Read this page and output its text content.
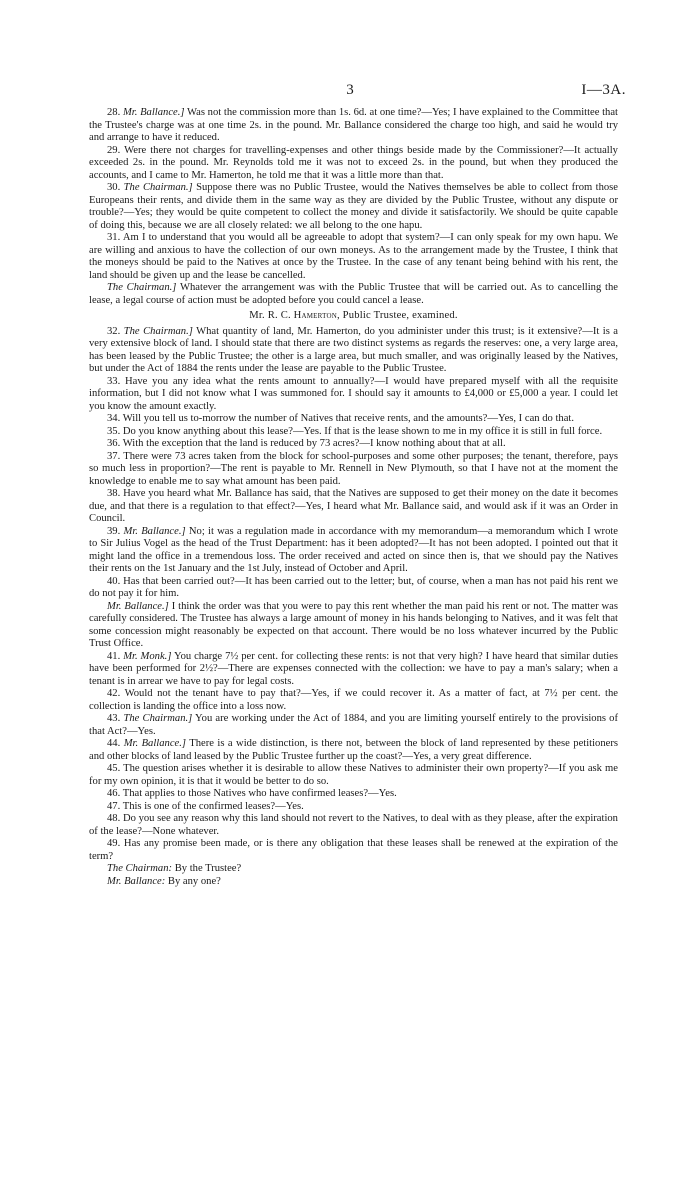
3	I—3A.

28. Mr. Ballance.] Was not the commission more than 1s. 6d. at one time?—Yes; I have explained to the Committee that the Trustee's charge was at one time 2s. in the pound. Mr. Ballance considered the charge too high, and said he would try and arrange to have it reduced.

29. Were there not charges for travelling-expenses and other things beside made by the Commissioner?—It actually exceeded 2s. in the pound. Mr. Reynolds told me it was not to exceed 2s. in the pound, but when they produced the accounts, and I came to Mr. Hamerton, he told me that it was a little more than that.

30. The Chairman.] Suppose there was no Public Trustee, would the Natives themselves be able to collect from those Europeans their rents, and divide them in the same way as they are divided by the Public Trustee, without any dispute or trouble?—Yes; they would be quite competent to collect the money and divide it satisfactorily. We should be quite capable of doing this, because we are all closely related: we all belong to the one hapu.

31. Am I to understand that you would all be agreeable to adopt that system?—I can only speak for my own hapu. We are willing and anxious to have the collection of our own moneys. As to the arrangement made by the Trustee, I think that the moneys should be paid to the Natives at once by the Trustee. In the case of any tenant being behind with his rent, the land should be given up and the lease be cancelled.

The Chairman.] Whatever the arrangement was with the Public Trustee that will be carried out. As to cancelling the lease, a legal course of action must be adopted before you could cancel a lease.

Mr. R. C. Hamerton, Public Trustee, examined.

32. The Chairman.] What quantity of land, Mr. Hamerton, do you administer under this trust; is it extensive?—It is a very extensive block of land. I should state that there are two distinct systems as regards the reserves: one, a very large area, has been leased by the Public Trustee; the other is a large area, but much smaller, and was originally leased by the Natives, but under the Act of 1884 the rents under the lease are payable to the Public Trustee.

33. Have you any idea what the rents amount to annually?—I would have prepared myself with all the requisite information, but I did not know what I was summoned for. I should say it amounts to £4,000 or £5,000 a year. I could let you know the amount exactly.

34. Will you tell us to-morrow the number of Natives that receive rents, and the amounts?—Yes, I can do that.

35. Do you know anything about this lease?—Yes. If that is the lease shown to me in my office it is still in full force.

36. With the exception that the land is reduced by 73 acres?—I know nothing about that at all.

37. There were 73 acres taken from the block for school-purposes and some other purposes; the tenant, therefore, pays so much less in proportion?—The rent is payable to Mr. Rennell in New Plymouth, so that I have not at the moment the knowledge to enable me to say what amount has been paid.

38. Have you heard what Mr. Ballance has said, that the Natives are supposed to get their money on the date it becomes due, and that there is a regulation to that effect?—Yes, I heard what Mr. Ballance said, and would ask if it was an Order in Council.

39. Mr. Ballance.] No; it was a regulation made in accordance with my memorandum—a memorandum which I wrote to Sir Julius Vogel as the head of the Trust Department: has it been adopted?—It has not been adopted. I pointed out that it might land the office in a tremendous loss. The order received and acted on since then is, that we should pay the Natives their rents on the 1st January and the 1st July, instead of October and April.

40. Has that been carried out?—It has been carried out to the letter; but, of course, when a man has not paid his rent we do not pay it for him.

Mr. Ballance.] I think the order was that you were to pay this rent whether the man paid his rent or not. The matter was carefully considered. The Trustee has always a large amount of money in his hands belonging to Natives, and it was felt that some concession might reasonably be expected on that account. There would be no loss whatever incurred by the Public Trust Office.

41. Mr. Monk.] You charge 7½ per cent. for collecting these rents: is not that very high? I have heard that similar duties have been performed for 2½?—There are expenses connected with the collection: we have to pay a man's salary; when a tenant is in arrear we have to pay for legal costs.

42. Would not the tenant have to pay that?—Yes, if we could recover it. As a matter of fact, at 7½ per cent. the collection is landing the office into a loss now.

43. The Chairman.] You are working under the Act of 1884, and you are limiting yourself entirely to the provisions of that Act?—Yes.

44. Mr. Ballance.] There is a wide distinction, is there not, between the block of land represented by these petitioners and other blocks of land leased by the Public Trustee further up the coast?—Yes, a very great difference.

45. The question arises whether it is desirable to allow these Natives to administer their own property?—If you ask me for my own opinion, it is that it would be better to do so.

46. That applies to those Natives who have confirmed leases?—Yes.

47. This is one of the confirmed leases?—Yes.

48. Do you see any reason why this land should not revert to the Natives, to deal with as they please, after the expiration of the lease?—None whatever.

49. Has any promise been made, or is there any obligation that these leases shall be renewed at the expiration of the term?

The Chairman: By the Trustee?

Mr. Ballance: By any one?
